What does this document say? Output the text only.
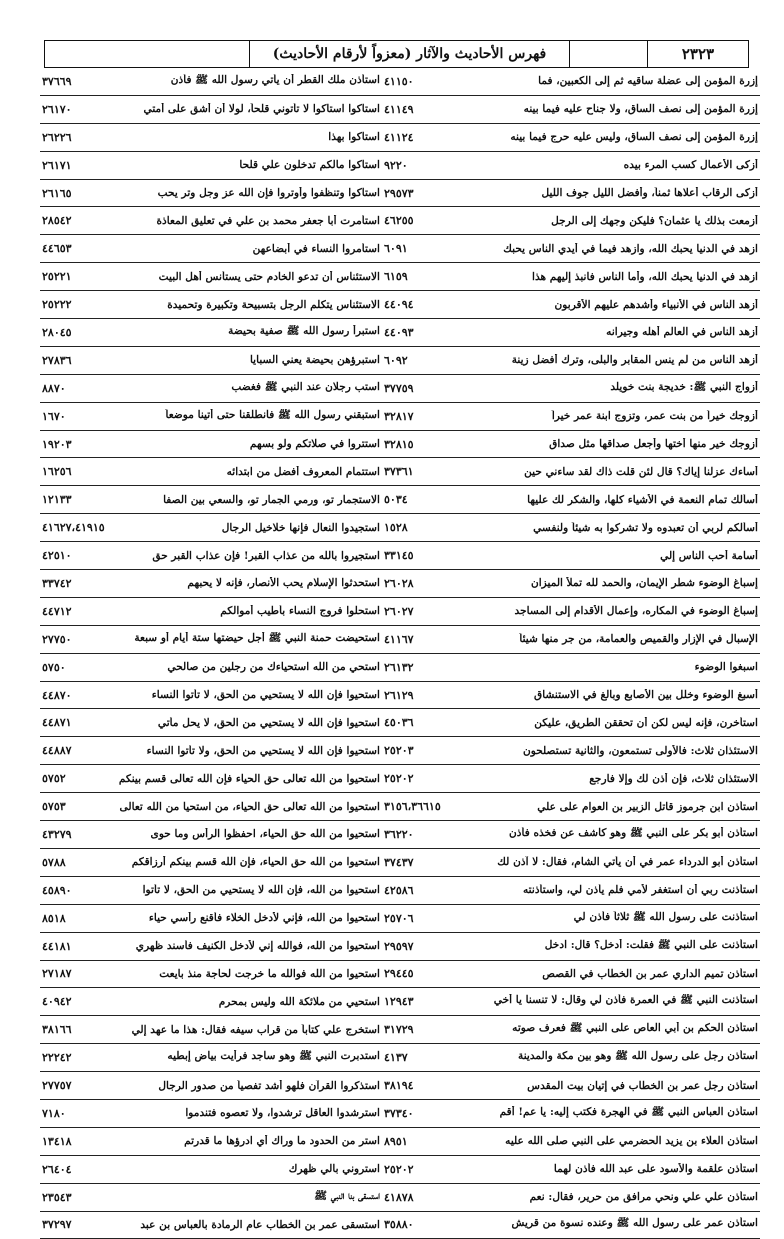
فهرس الأحاديث والآثار (معزواً لأرقام الأحاديث)	٢٣٢٣
إزرة المؤمن إلى عضلة ساقيه ثم إلى الكعبين، فما
٤١١٥٠
إزرة المؤمن إلى نصف الساق، ولا جناح عليه فيما بينه
٤١١٤٩
إزرة المؤمن إلى نصف الساق، وليس عليه حرج فيما بينه
٤١١٢٤
أزكى الأعمال كسب المرء بيده
٩٢٢٠
أزكى الرقاب أعلاها ثمناً، وأفضل الليل جوف الليل
٢٩٥٧٣
أزمعت بذلك يا عثمان؟ فليكن وجهك إلى الرجل
٤٦٢٥٥
ازهد في الدنيا يحبك الله، وازهد فيما في أيدي الناس يحبك
٦٠٩١
ازهد في الدنيا يحبك الله، وأما الناس فانبذ إليهم هذا
٦١٥٩
أزهد الناس في الأنبياء وأشدهم عليهم الأقربون
٤٤٠٩٤
أزهد الناس في العالم أهله وجيرانه
٤٤٠٩٣
أزهد الناس من لم ينس المقابر والبلى، وترك أفضل زينة
٦٠٩٢
أزواج النبي ﷺ: خديجة بنت خويلد
٣٧٧٥٩
أزوجك خيراً من بنت عمر، وتزوج ابنة عمر خيراً
٣٢٨١٧
أزوجك خير منها أختها وأجعل صداقها مثل صداق
٣٢٨١٥
أساءك عزلنا إياك؟ قال لئن قلت ذاك لقد ساءني حين
٣٧٣٦١
أسألك تمام النعمة في الأشياء كلها، والشكر لك عليها
٥٠٣٤
أسألكم لربي أن تعبدوه ولا تشركوا به شيئاً ولنفسي
١٥٢٨
أسامة أحب الناس إلي
٣٣١٤٥
إسباغ الوضوء شطر الإيمان، والحمد لله تملأ الميزان
٢٦٠٢٨
إسباغ الوضوء في المكاره، وإعمال الأقدام إلى المساجد
٢٦٠٢٧
الإسبال في الإزار والقميص والعمامة، من جر منها شيئاً
٤١١٦٧
اسبغوا الوضوء
٢٦١٣٢
أسبغ الوضوء وخلل بين الأصابع وبالغ في الاستنشاق
٢٦١٢٩
استأخرن، فإنه ليس لكن أن تحققن الطريق، عليكن
٤٥٠٣٦
الاستئذان ثلاث: فالأولى تستمعون، والثانية تستصلحون
٢٥٢٠٣
الاستئذان ثلاث، فإن أذن لك وإلا فارجع
٢٥٢٠٢
استأذن ابن جرموز قاتل الزبير بن العوام على علي
٣١٥٦،٣٦٦١٥
استأذن أبو بكر على النبي ﷺ وهو كاشف عن فخذه فأذن
٣٦٢٢٠
استأذن أبو الدرداء عمر في أن يأتي الشام، فقال: لا آذن لك
٣٧٤٣٧
استأذنت ربي أن استغفر لأمي فلم يأذن لي، واستأذنته
٤٢٥٨٦
استأذنت على رسول الله ﷺ ثلاثاً فأذن لي
٢٥٧٠٦
استأذنت على النبي ﷺ فقلت: أدخل؟ قال: ادخل
٢٩٥٩٧
استأذن تميم الداري عمر بن الخطاب في القصص
٢٩٤٤٥
استأذنت النبي ﷺ في العمرة فأذن لي وقال: لا تنسنا يا أخي
١٢٩٤٣
استأذن الحكم بن أبي العاص على النبي ﷺ فعرف صوته
٣١٧٢٩
استأذن رجل على رسول الله ﷺ وهو بين مكة والمدينة
٤١٣٧
استأذن رجل عمر بن الخطاب في إتيان بيت المقدس
٣٨١٩٤
استأذن العباس النبي ﷺ في الهجرة فكتب إليه: يا عم! أقم
٣٧٣٤٠
استأذن العلاء بن يزيد الحضرمي على النبي صلى الله عليه
٨٩٥١
استأذن علقمة والأسود على عبد الله فأذن لهما
٢٥٢٠٢
استأذن علي علي ونحي مرافق من حرير، فقال: نعم
٤١٨٧٨
استأذن عمر على رسول الله ﷺ وعنده نسوة من قريش
٣٥٨٨٠
استأذن ملك القطر أن يأتي رسول الله ﷺ فأذن
٣٧٦٦٩
استاكوا استاكوا لا تأتوني قلحاً، لولا أن أشق على أمتي
٢٦١٧٠
استاكوا بهذا
٢٦٢٢٦
استاكوا مالكم تدخلون علي قلحا
٢٦١٧١
استاكوا وتنظفوا وأوتروا فإن الله عز وجل وتر يحب
٢٦١٦٥
استأمرت أبا جعفر محمد بن علي في تعليق المعاذة
٢٨٥٤٢
استأمروا النساء في أبضاعهن
٤٤٦٥٣
الاستئناس أن تدعو الخادم حتى يستأنس أهل البيت
٢٥٢٢١
الاستئناس يتكلم الرجل بتسبيحة وتكبيرة وتحميدة
٢٥٢٢٢
استبرأ رسول الله ﷺ صفية بحيضة
٢٨٠٤٥
استبرؤهن بحيضة يعني السبايا
٢٧٨٣٦
استب رجلان عند النبي ﷺ فغضب
٨٨٧٠
استبقني رسول الله ﷺ فانطلقنا حتى أتينا موضعاً
١٦٧٠
استتروا في صلاتكم ولو بسهم
١٩٢٠٣
استتمام المعروف أفضل من ابتدائه
١٦٢٥٦
الاستجمار تو، ورمي الجمار تو، والسعي بين الصفا
١٢١٣٣
استجيدوا النعال فإنها خلاخيل الرجال
٤١٦٢٧،٤١٩١٥
استجيروا بالله من عذاب القبر! فإن عذاب القبر حق
٤٢٥١٠
استحدثوا الإسلام يحب الأنصار، فإنه لا يحبهم
٣٣٧٤٢
استحلوا فروج النساء بأطيب أموالكم
٤٤٧١٢
استحيضت حمنة النبي ﷺ أجل حيضتها ستة أيام أو سبعة
٢٧٧٥٠
استحي من الله استحياءك من رجلين من صالحي
٥٧٥٠
استحيوا فإن الله لا يستحيي من الحق، لا تأتوا النساء
٤٤٨٧٠
استحيوا فإن الله لا يستحيي من الحق، لا يحل مأتي
٤٤٨٧١
استحيوا فإن الله لا يستحيي من الحق، ولا تأتوا النساء
٤٤٨٨٧
استحيوا من الله تعالى حق الحياء فإن الله تعالى قسم بينكم
٥٧٥٢
استحيوا من الله تعالى حق الحياء، من استحيا من الله تعالى
٥٧٥٣
استحيوا من الله حق الحياء، احفظوا الرأس وما حوى
٤٣٢٧٩
استحيوا من الله حق الحياء، فإن الله قسم بينكم أرزاقكم
٥٧٨٨
استحيوا من الله، فإن الله لا يستحيي من الحق، لا تأتوا
٤٥٨٩٠
استحيوا من الله، فإني لأدخل الخلاء فأقنع رأسي حياء
٨٥١٨
استحيوا من الله، فوالله إني لأدخل الكنيف فأسند ظهري
٤٤١٨١
استحيوا من الله فوالله ما خرجت لحاجة منذ بايعت
٢٧١٨٧
استحيي من ملائكة الله وليس بمحرم
٤٠٩٤٢
استخرج علي كتاباً من قراب سيفه فقال: هذا ما عهد إلي
٣٨١٦٦
استدبرت النبي ﷺ وهو ساجد فرأيت بياض إبطيه
٢٢٢٤٢
استذكروا القرآن فلهو أشد تفصياً من صدور الرجال
٢٧٧٥٧
استرشدوا العاقل ترشدوا، ولا تعصوه فتندموا
٧١٨٠
استر من الحدود ما وراك أي ادرؤها ما قدرتم
١٣٤١٨
استروني بالي ظهرك
٢٦٤٠٤
استسقى بنا النبي ﷺ
٢٣٥٤٣
استسقى عمر بن الخطاب عام الرمادة بالعباس بن عبد
٣٧٢٩٧
